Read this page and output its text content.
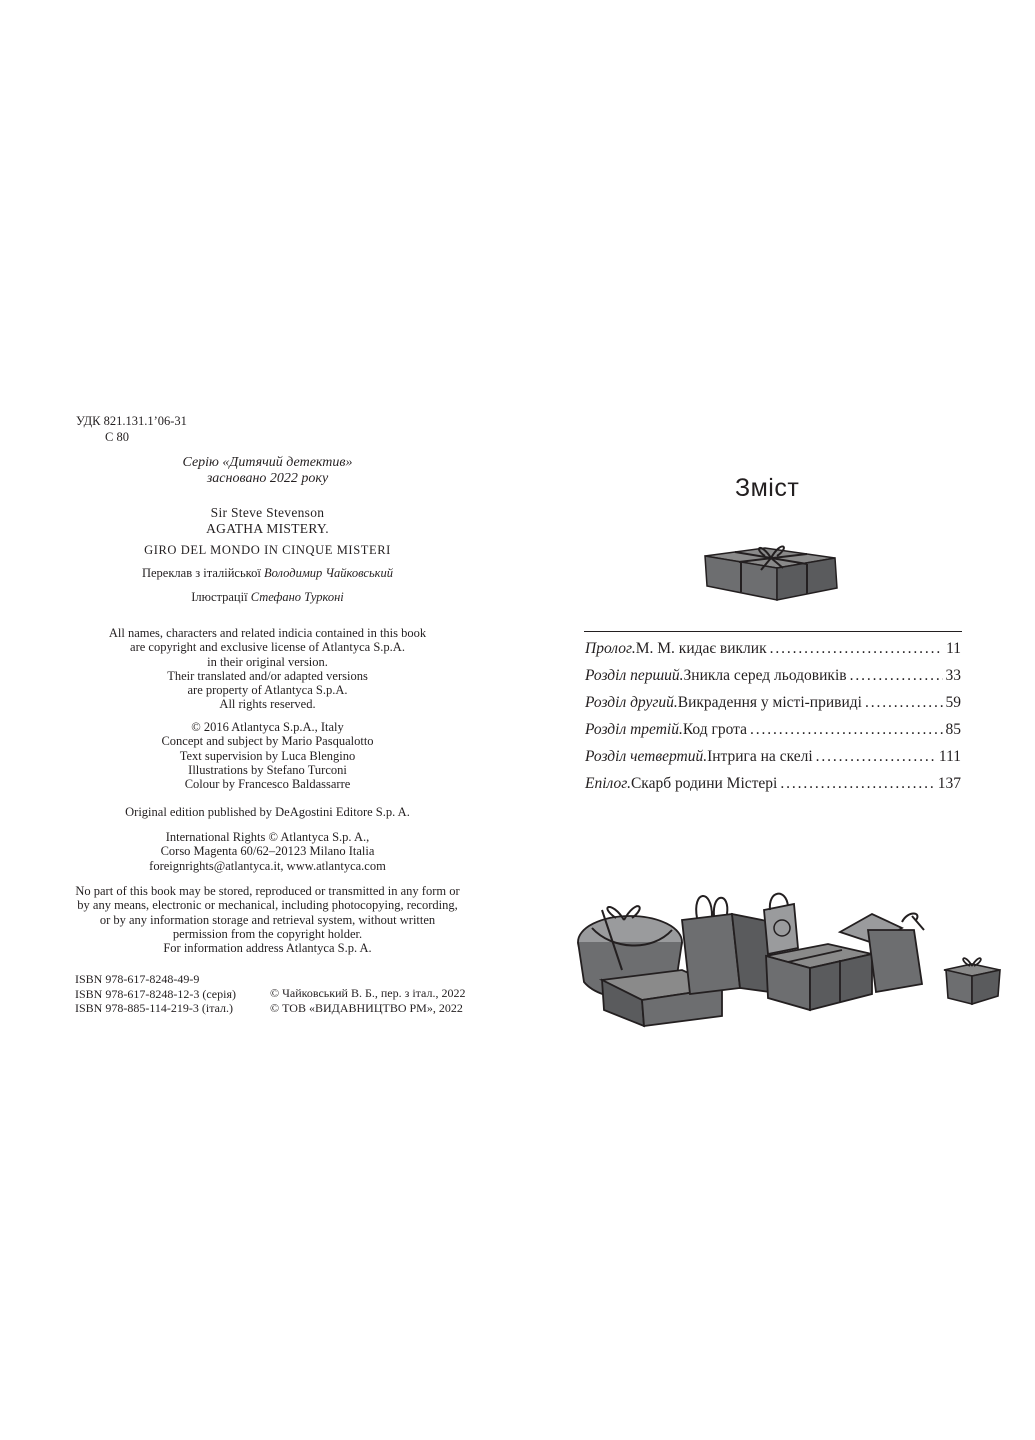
УДК 821.131.1’06-31
С 80
Серію «Дитячий детектив»
засновано 2022 року
Sir Steve Stevenson
AGATHA MISTERY.
GIRO DEL MONDO IN CINQUE MISTERI
Переклав з італійської Володимир Чайковський
Ілюстрації Стефано Турконі
All names, characters and related indicia contained in this book
are copyright and exclusive license of Atlantyca S.p.A.
in their original version.
Their translated and/or adapted versions
are property of Atlantyca S.p.A.
All rights reserved.
© 2016 Atlantyca S.p.A., Italy
Concept and subject by Mario Pasqualotto
Text supervision by Luca Blengino
Illustrations by Stefano Turconi
Colour by Francesco Baldassarre
Original edition published by DeAgostini Editore S.p. A.
International Rights © Atlantyca S.p. A.,
Corso Magenta 60/62–20123 Milano Italia
foreignrights@atlantyca.it, www.atlantyca.com
No part of this book may be stored, reproduced or transmitted in any form or
by any means, electronic or mechanical, including photocopying, recording,
or by any information storage and retrieval system, without written
permission from the copyright holder.
For information address Atlantyca S.p. A.
ISBN 978-617-8248-49-9
ISBN 978-617-8248-12-3 (серія)
ISBN 978-885-114-219-3 (італ.)
© Чайковський В. Б., пер. з італ., 2022
© ТОВ «ВИДАВНИЦТВО РМ», 2022
Зміст
Пролог. М. М. кидає виклик . . .	11
Розділ перший. Зникла серед льодовиків . . .	33
Розділ другий. Викрадення у місті-привиді . . .	59
Розділ третій. Код грота . . .	85
Розділ четвертий. Інтрига на скелі . . .	111
Епілог. Скарб родини Містері . . .	137
